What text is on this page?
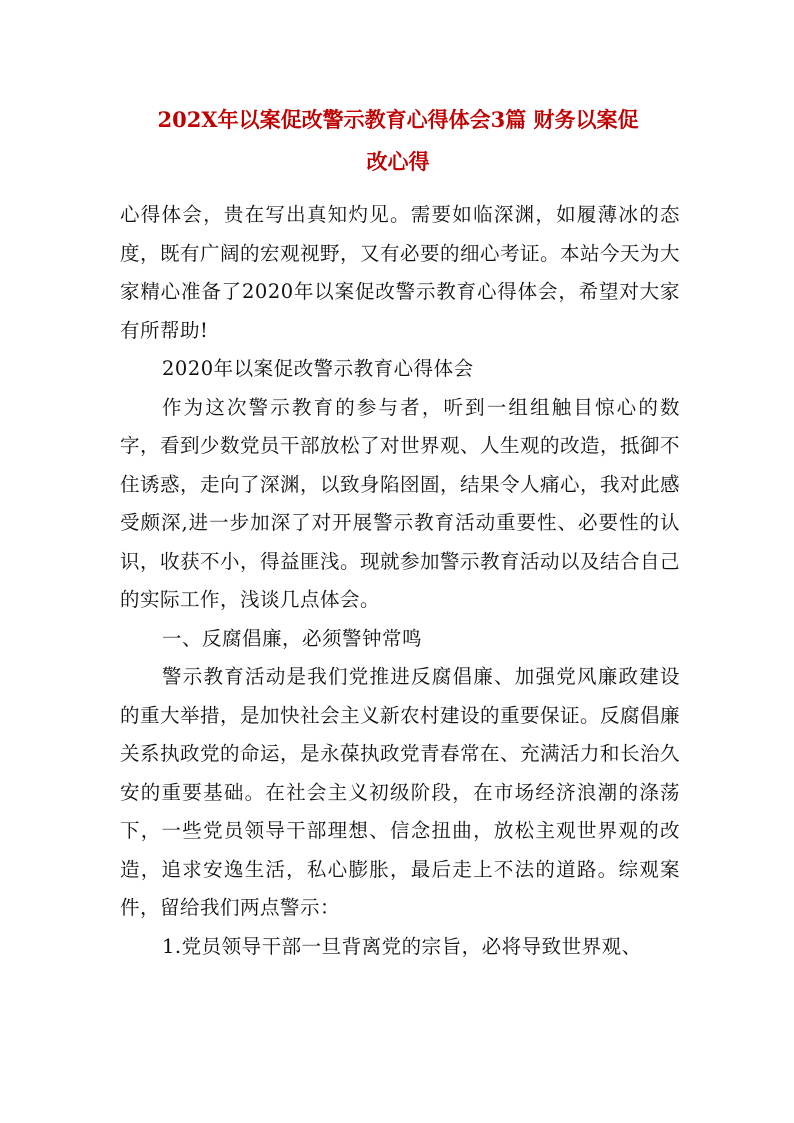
202X年以案促改警示教育心得体会3篇 财务以案促
改心得

心得体会，贵在写出真知灼见。需要如临深渊，如履薄冰的态度，既有广阔的宏观视野，又有必要的细心考证。本站今天为大家精心准备了2020年以案促改警示教育心得体会，希望对大家有所帮助!

2020年以案促改警示教育心得体会

作为这次警示教育的参与者，听到一组组触目惊心的数字，看到少数党员干部放松了对世界观、人生观的改造，抵御不住诱惑，走向了深渊，以致身陷囹圄，结果令人痛心，我对此感受颇深,进一步加深了对开展警示教育活动重要性、必要性的认识，收获不小，得益匪浅。现就参加警示教育活动以及结合自己的实际工作，浅谈几点体会。

一、反腐倡廉，必须警钟常鸣

警示教育活动是我们党推进反腐倡廉、加强党风廉政建设的重大举措，是加快社会主义新农村建设的重要保证。反腐倡廉关系执政党的命运，是永葆执政党青春常在、充满活力和长治久安的重要基础。在社会主义初级阶段，在市场经济浪潮的涤荡下，一些党员领导干部理想、信念扭曲，放松主观世界观的改造，追求安逸生活，私心膨胀，最后走上不法的道路。综观案件，留给我们两点警示：

1.党员领导干部一旦背离党的宗旨，必将导致世界观、
